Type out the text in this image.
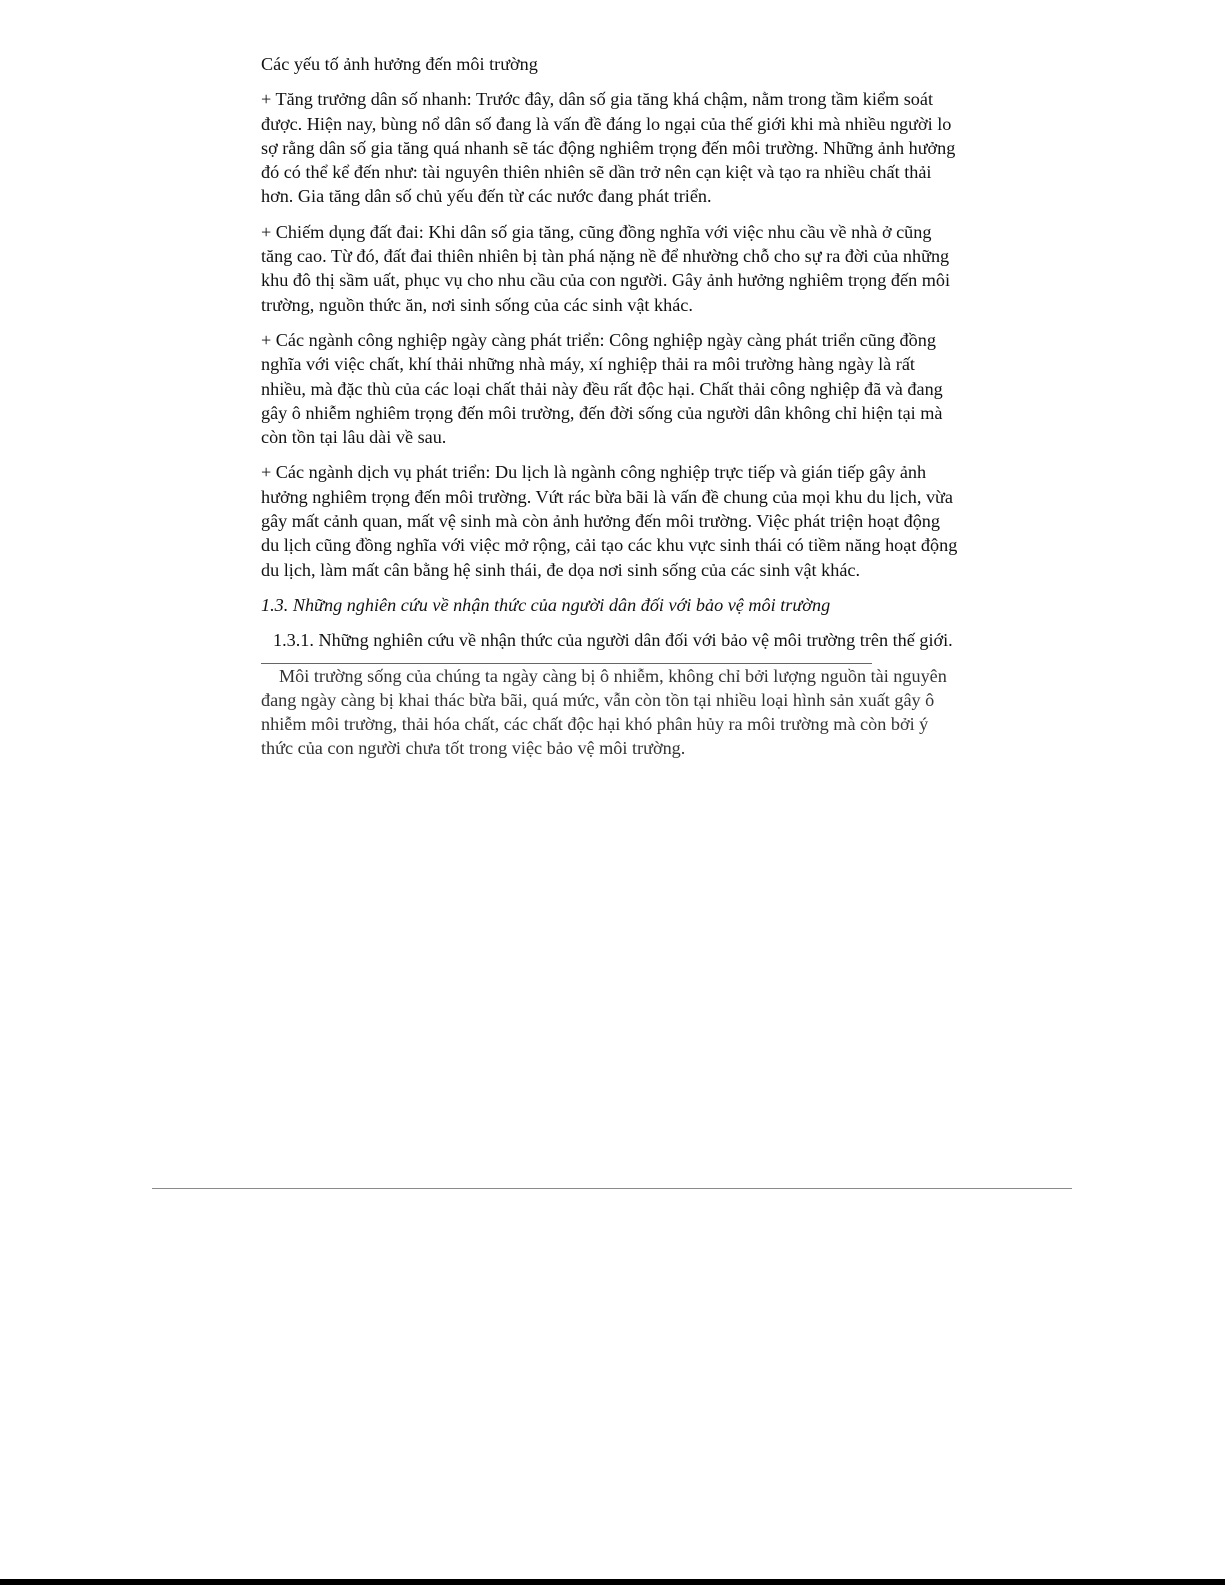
Các yếu tố ảnh hưởng đến môi trường

+ Tăng trưởng dân số nhanh: Trước đây, dân số gia tăng khá chậm, nằm trong tầm kiểm soát được. Hiện nay, bùng nổ dân số đang là vấn đề đáng lo ngại của thế giới khi mà nhiều người lo sợ rằng dân số gia tăng quá nhanh sẽ tác động nghiêm trọng đến môi trường. Những ảnh hưởng đó có thể kể đến như: tài nguyên thiên nhiên sẽ dần trở nên cạn kiệt và tạo ra nhiều chất thải hơn. Gia tăng dân số chủ yếu đến từ các nước đang phát triển.

+ Chiếm dụng đất đai: Khi dân số gia tăng, cũng đồng nghĩa với việc nhu cầu về nhà ở cũng tăng cao. Từ đó, đất đai thiên nhiên bị tàn phá nặng nề để nhường chỗ cho sự ra đời của những khu đô thị sầm uất, phục vụ cho nhu cầu của con người. Gây ảnh hưởng nghiêm trọng đến môi trường, nguồn thức ăn, nơi sinh sống của các sinh vật khác.

+ Các ngành công nghiệp ngày càng phát triển: Công nghiệp ngày càng phát triển cũng đồng nghĩa với việc chất, khí thải những nhà máy, xí nghiệp thải ra môi trường hàng ngày là rất nhiều, mà đặc thù của các loại chất thải này đều rất độc hại. Chất thải công nghiệp đã và đang gây ô nhiễm nghiêm trọng đến môi trường, đến đời sống của người dân không chỉ hiện tại mà còn tồn tại lâu dài về sau.

+ Các ngành dịch vụ phát triển: Du lịch là ngành công nghiệp trực tiếp và gián tiếp gây ảnh hưởng nghiêm trọng đến môi trường. Vứt rác bừa bãi là vấn đề chung của mọi khu du lịch, vừa gây mất cảnh quan, mất vệ sinh mà còn ảnh hưởng đến môi trường. Việc phát triện hoạt động du lịch cũng đồng nghĩa với việc mở rộng, cải tạo các khu vực sinh thái có tiềm năng hoạt động du lịch, làm mất cân bằng hệ sinh thái, đe dọa nơi sinh sống của các sinh vật khác.

1.3. Những nghiên cứu về nhận thức của người dân đối với bảo vệ môi trường

1.3.1. Những nghiên cứu về nhận thức của người dân đối với bảo vệ môi trường trên thế giới.

Môi trường sống của chúng ta ngày càng bị ô nhiễm, không chỉ bởi lượng nguồn tài nguyên đang ngày càng bị khai thác bừa bãi, quá mức, vẫn còn tồn tại nhiều loại hình sản xuất gây ô nhiễm môi trường, thải hóa chất, các chất độc hại khó phân hủy ra môi trường mà còn bởi ý thức của con người chưa tốt trong việc bảo vệ môi trường.
